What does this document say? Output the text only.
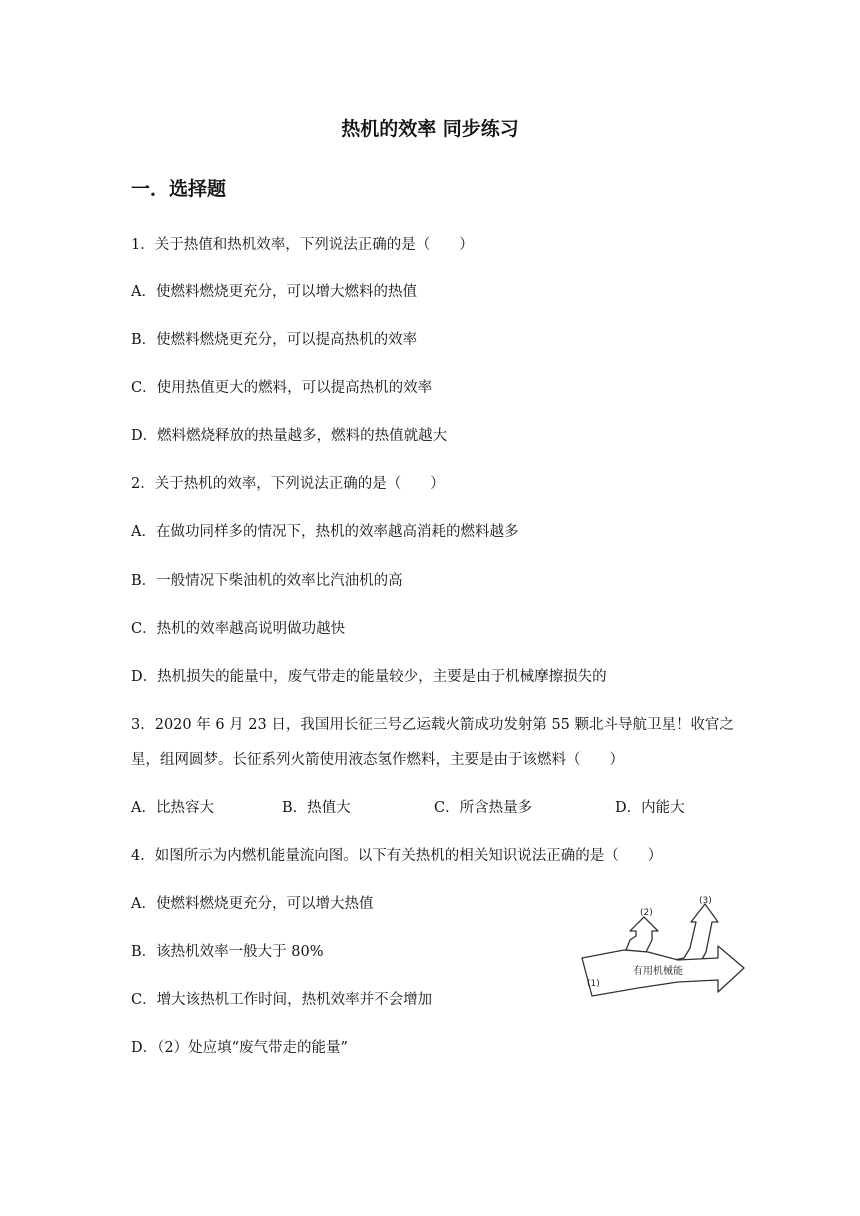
热机的效率 同步练习
一．选择题
1．关于热值和热机效率，下列说法正确的是（　　）
A．使燃料燃烧更充分，可以增大燃料的热值
B．使燃料燃烧更充分，可以提高热机的效率
C．使用热值更大的燃料，可以提高热机的效率
D．燃料燃烧释放的热量越多，燃料的热值就越大
2．关于热机的效率，下列说法正确的是（　　）
A．在做功同样多的情况下，热机的效率越高消耗的燃料越多
B．一般情况下柴油机的效率比汽油机的高
C．热机的效率越高说明做功越快
D．热机损失的能量中，废气带走的能量较少，主要是由于机械摩擦损失的
3．2020 年 6 月 23 日，我国用长征三号乙运载火箭成功发射第 55 颗北斗导航卫星！收官之
星，组网圆梦。长征系列火箭使用液态氢作燃料，主要是由于该燃料（　　）
A．比热容大	B．热值大	C．所含热量多	D．内能大
4．如图所示为内燃机能量流向图。以下有关热机的相关知识说法正确的是（　　）
A．使燃料燃烧更充分，可以增大热值
B．该热机效率一般大于 80%
C．增大该热机工作时间，热机效率并不会增加
D．（2）处应填“废气带走的能量”
(2)
(3)
(1)
有用机械能
